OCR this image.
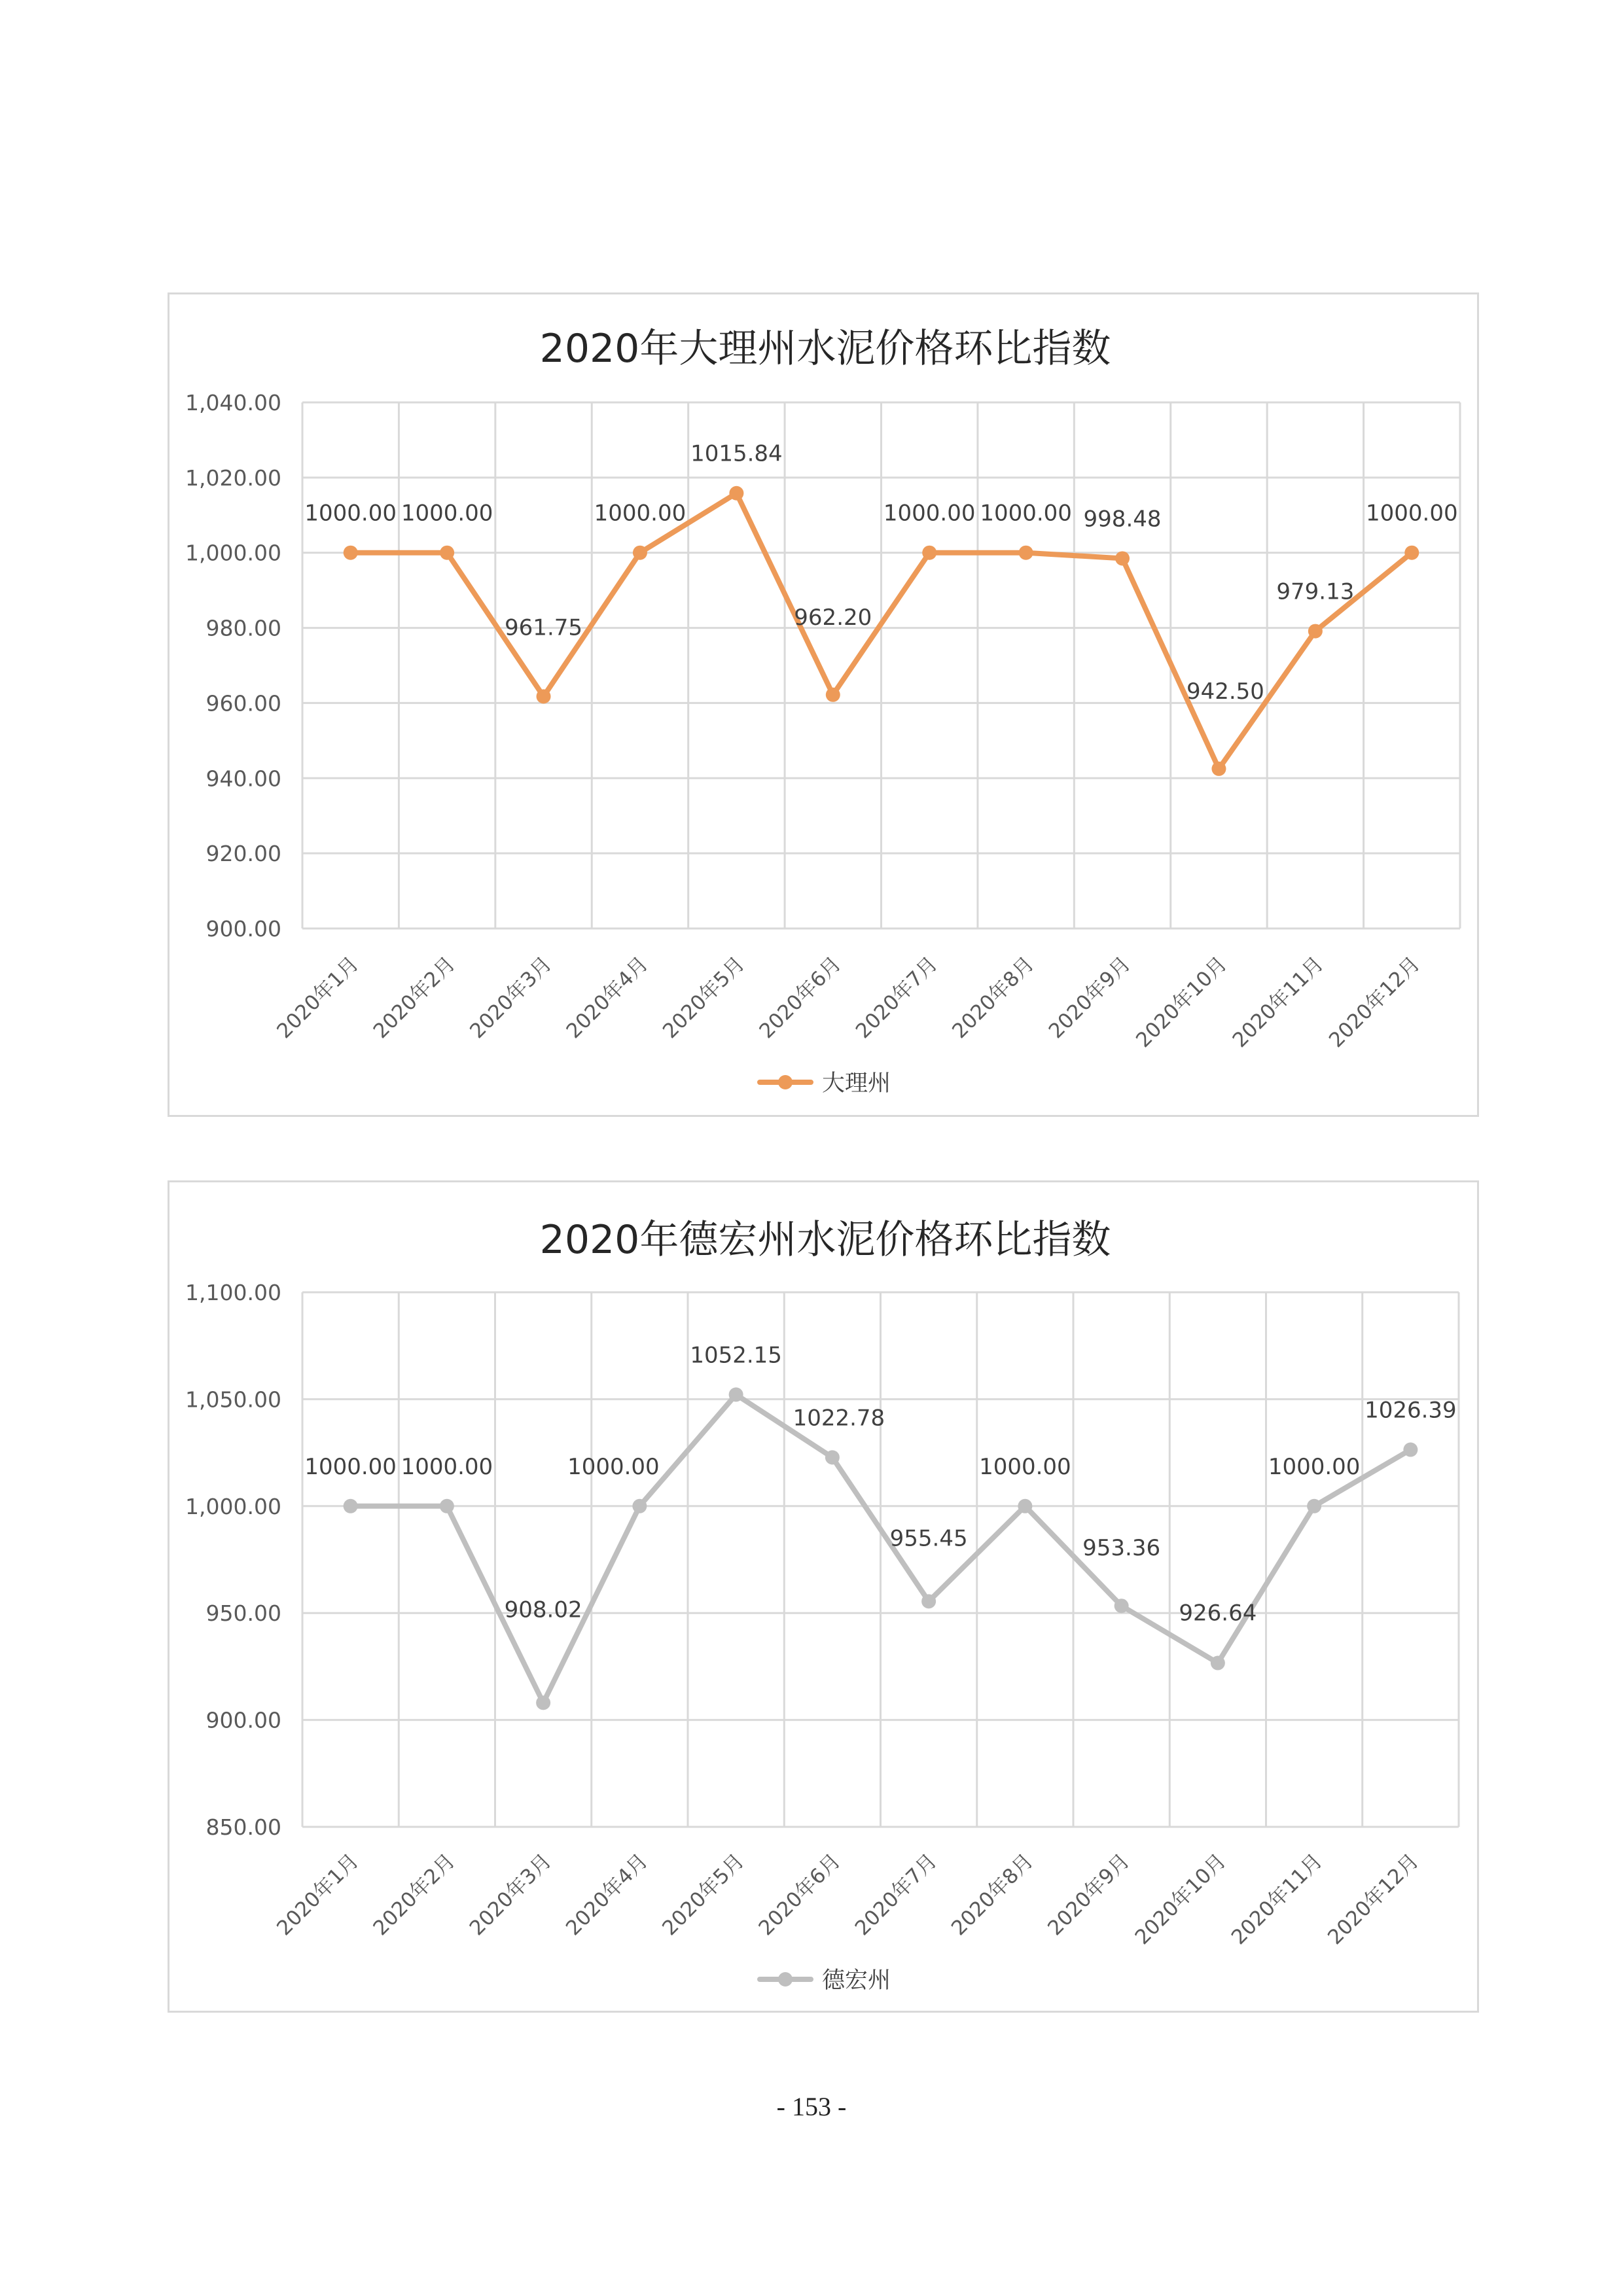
2020年大理州水泥价格环比指数
900.00
920.00
940.00
960.00
980.00
1,000.00
1,020.00
1,040.00
2020年1月 2020年2月 2020年3月 2020年4月 2020年5月 2020年6月 2020年7月 2020年8月 2020年9月
2020年10月
2020年11月
2020年12月
1000.00 1000.00
961.75
1000.00
1015.84
962.20
1000.00 1000.00 998.48
942.50
979.13
1000.00
大理州
2020年德宏州水泥价格环比指数
850.00
900.00
950.00
1,000.00
1,050.00
1,100.00
2020年1月 2020年2月 2020年3月 2020年4月 2020年5月 2020年6月 2020年7月 2020年8月 2020年9月
2020年10月
2020年11月
2020年12月
1000.00 1000.00
908.02
1000.00
1052.15
1022.78
955.45
1000.00
953.36
926.64
1000.00
1026.39
德宏州
- 153 -
